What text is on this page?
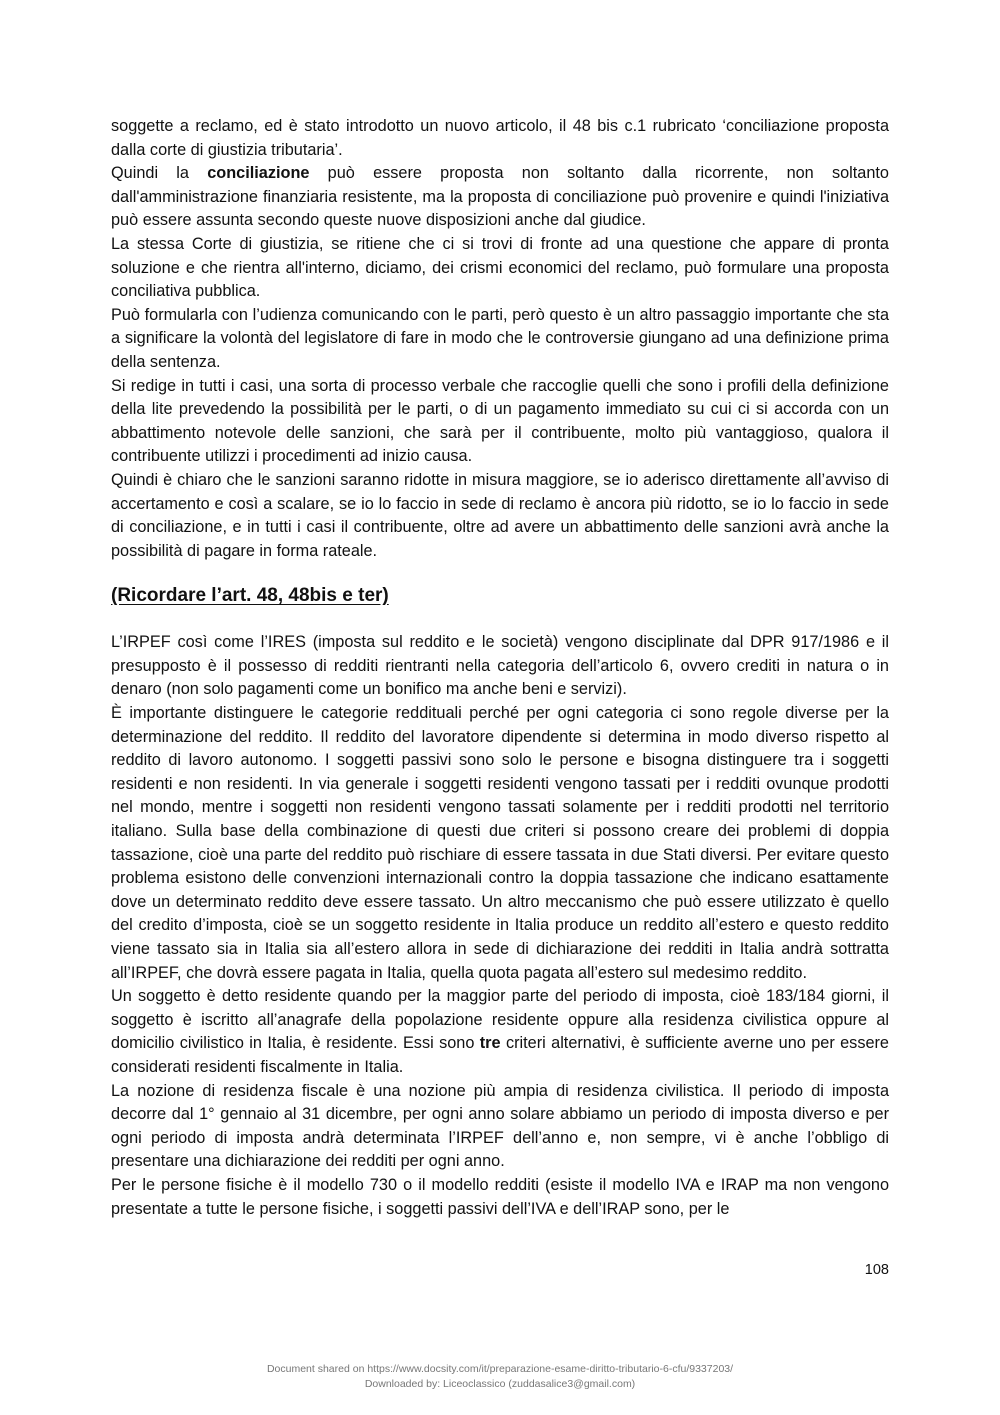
soggette a reclamo, ed è stato introdotto un nuovo articolo, il 48 bis c.1 rubricato ‘conciliazione proposta dalla corte di giustizia tributaria’.

Quindi la conciliazione può essere proposta non soltanto dalla ricorrente, non soltanto dall'amministrazione finanziaria resistente, ma la proposta di conciliazione può provenire e quindi l'iniziativa può essere assunta secondo queste nuove disposizioni anche dal giudice.

La stessa Corte di giustizia, se ritiene che ci si trovi di fronte ad una questione che appare di pronta soluzione e che rientra all'interno, diciamo, dei crismi economici del reclamo, può formulare una proposta conciliativa pubblica.

Può formularla con l’udienza comunicando con le parti, però questo è un altro passaggio importante che sta a significare la volontà del legislatore di fare in modo che le controversie giungano ad una definizione prima della sentenza.

Si redige in tutti i casi, una sorta di processo verbale che raccoglie quelli che sono i profili della definizione della lite prevedendo la possibilità per le parti, o di un pagamento immediato su cui ci si accorda con un abbattimento notevole delle sanzioni, che sarà per il contribuente, molto più vantaggioso, qualora il contribuente utilizzi i procedimenti ad inizio causa.

Quindi è chiaro che le sanzioni saranno ridotte in misura maggiore, se io aderisco direttamente all’avviso di accertamento e così a scalare, se io lo faccio in sede di reclamo è ancora più ridotto, se io lo faccio in sede di conciliazione, e in tutti i casi il contribuente, oltre ad avere un abbattimento delle sanzioni avrà anche la possibilità di pagare in forma rateale.

(Ricordare l’art. 48, 48bis e ter)

L’IRPEF così come l’IRES (imposta sul reddito e le società) vengono disciplinate dal DPR 917/1986 e il presupposto è il possesso di redditi rientranti nella categoria dell’articolo 6, ovvero crediti in natura o in denaro (non solo pagamenti come un bonifico ma anche beni e servizi).

È importante distinguere le categorie reddituali perché per ogni categoria ci sono regole diverse per la determinazione del reddito. Il reddito del lavoratore dipendente si determina in modo diverso rispetto al reddito di lavoro autonomo. I soggetti passivi sono solo le persone e bisogna distinguere tra i soggetti residenti e non residenti. In via generale i soggetti residenti vengono tassati per i redditi ovunque prodotti nel mondo, mentre i soggetti non residenti vengono tassati solamente per i redditi prodotti nel territorio italiano. Sulla base della combinazione di questi due criteri si possono creare dei problemi di doppia tassazione, cioè una parte del reddito può rischiare di essere tassata in due Stati diversi. Per evitare questo problema esistono delle convenzioni internazionali contro la doppia tassazione che indicano esattamente dove un determinato reddito deve essere tassato. Un altro meccanismo che può essere utilizzato è quello del credito d’imposta, cioè se un soggetto residente in Italia produce un reddito all’estero e questo reddito viene tassato sia in Italia sia all’estero allora in sede di dichiarazione dei redditi in Italia andrà sottratta all’IRPEF, che dovrà essere pagata in Italia, quella quota pagata all’estero sul medesimo reddito.

Un soggetto è detto residente quando per la maggior parte del periodo di imposta, cioè 183/184 giorni, il soggetto è iscritto all’anagrafe della popolazione residente oppure alla residenza civilistica oppure al domicilio civilistico in Italia, è residente. Essi sono tre criteri alternativi, è sufficiente averne uno per essere considerati residenti fiscalmente in Italia.

La nozione di residenza fiscale è una nozione più ampia di residenza civilistica. Il periodo di imposta decorre dal 1° gennaio al 31 dicembre, per ogni anno solare abbiamo un periodo di imposta diverso e per ogni periodo di imposta andrà determinata l’IRPEF dell’anno e, non sempre, vi è anche l’obbligo di presentare una dichiarazione dei redditi per ogni anno.

Per le persone fisiche è il modello 730 o il modello redditi (esiste il modello IVA e IRAP ma non vengono presentate a tutte le persone fisiche, i soggetti passivi dell’IVA e dell’IRAP sono, per le

108
Document shared on https://www.docsity.com/it/preparazione-esame-diritto-tributario-6-cfu/9337203/
Downloaded by: Liceoclassico (zuddasalice3@gmail.com)
